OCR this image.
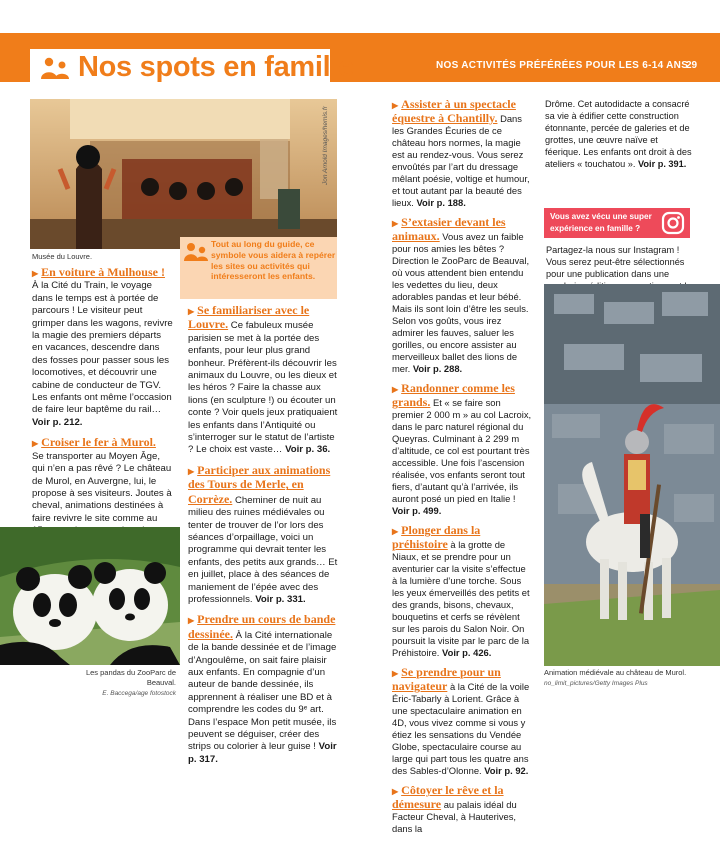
Nos spots en famille	NOS ACTIVITÉS PRÉFÉRÉES POUR LES 6-14 ANS
29
Jon Arnold Images/hemis.fr
Musée du Louvre.
Tout au long du guide, ce symbole vous aidera à repérer les sites ou activités qui intéresseront les enfants.

▶ En voiture à Mulhouse !
À la Cité du Train, le voyage dans le temps est à portée de parcours ! Le visiteur peut grimper dans les wagons, revivre la magie des premiers départs en vacances, descendre dans des fosses pour passer sous les locomotives, et découvrir une cabine de conducteur de TGV. Les enfants ont même l’occasion de faire leur baptême du rail… Voir p. 212.

▶ Croiser le fer à Murol.
Se transporter au Moyen Âge, qui n’en a pas rêvé ? Le château de Murol, en Auvergne, lui, le propose à ses visiteurs. Joutes à cheval, animations destinées à faire revivre le site comme au

Les pandas du ZooParc de Beauval.
E. Baccega/age fotostock

▶ Se familiariser avec le Louvre. Ce fabuleux musée parisien se met à la portée des enfants, pour leur plus grand bonheur. Préfèrent-ils découvrir les animaux du Louvre, ou les dieux et les héros ? Faire la chasse aux lions (en sculpture !) ou écouter un conte ? Voir quels jeux pratiquaient les enfants dans l’Antiquité ou s’interroger sur le statut de l’artiste ? Le choix est vaste… Voir p. 36.

▶ Participer aux animations des Tours de Merle, en Corrèze. Cheminer de nuit au milieu des ruines médiévales ou tenter de trouver de l’or lors des séances d’orpaillage, voici un programme qui devrait tenter les enfants, des petits aux grands… Et en juillet, place à des séances de maniement de l’épée avec des professionnels. Voir p. 331.

▶ Prendre un cours de bande dessinée. À la Cité internationale de la bande dessinée et de l’image d’Angoulême, on sait faire plaisir aux enfants. En compagnie d’un auteur de bande dessinée, ils apprennent à réaliser une BD et à comprendre les codes du 9ᵉ art. Dans l’espace Mon petit musée, ils peuvent se déguiser, créer des strips ou colorier à leur guise ! Voir p. 317.

▶ Assister à un spectacle équestre à Chantilly. Dans les Grandes Écuries de ce château hors normes, la magie est au rendez-vous. Vous serez envoûtés par l’art du dressage mêlant poésie, voltige et humour, et tout autant par la beauté des lieux. Voir p. 188.

▶ S’extasier devant les animaux. Vous avez un faible pour nos amies les bêtes ? Direction le ZooParc de Beauval, où vous attendent bien entendu les vedettes du lieu, deux adorables pandas et leur bébé. Mais ils sont loin d’être les seuls. Selon vos goûts, vous irez admirer les fauves, saluer les gorilles, ou encore assister au merveilleux ballet des lions de mer. Voir p. 288.

▶ Randonner comme les grands. Et « se faire son premier 2 000 m » au col Lacroix, dans le parc naturel régional du Queyras. Culminant à 2 299 m d’altitude, ce col est pourtant très accessible. Une fois l’ascension réalisée, vos enfants seront tout fiers, d’autant qu’à l’arrivée, ils auront posé un pied en Italie ! Voir p. 499.

▶ Plonger dans la préhistoire à la grotte de Niaux, et se prendre pour un aventurier car la visite s’effectue à la lumière d’une torche. Sous les yeux émerveillés des petits et des grands, bisons, chevaux, bouquetins et cerfs se révèlent sur les parois du Salon Noir. On poursuit la visite par le parc de la Préhistoire. Voir p. 426.

▶ Se prendre pour un navigateur à la Cité de la voile Éric-Tabarly à Lorient. Grâce à une spectaculaire animation en 4D, vous vivez comme si vous y étiez les sensations du Vendée Globe, spectaculaire course au large qui part tous les quatre ans des Sables-d’Olonne. Voir p. 92.

▶ Côtoyer le rêve et la démesure au palais idéal du Facteur Cheval, à Hauterives, dans la

Drôme. Cet autodidacte a consacré sa vie à édifier cette construction étonnante, percée de galeries et de grottes, une œuvre naïve et féerique. Les enfants ont droit à des ateliers « touchatou ». Voir p. 391.

Vous avez vécu une super expérience en famille ?
Partagez-la nous sur Instagram ! Vous serez peut-être sélectionnés pour une publication dans une
Animation médiévale au château de Murol.
no_limit_pictures/Getty Images Plus
